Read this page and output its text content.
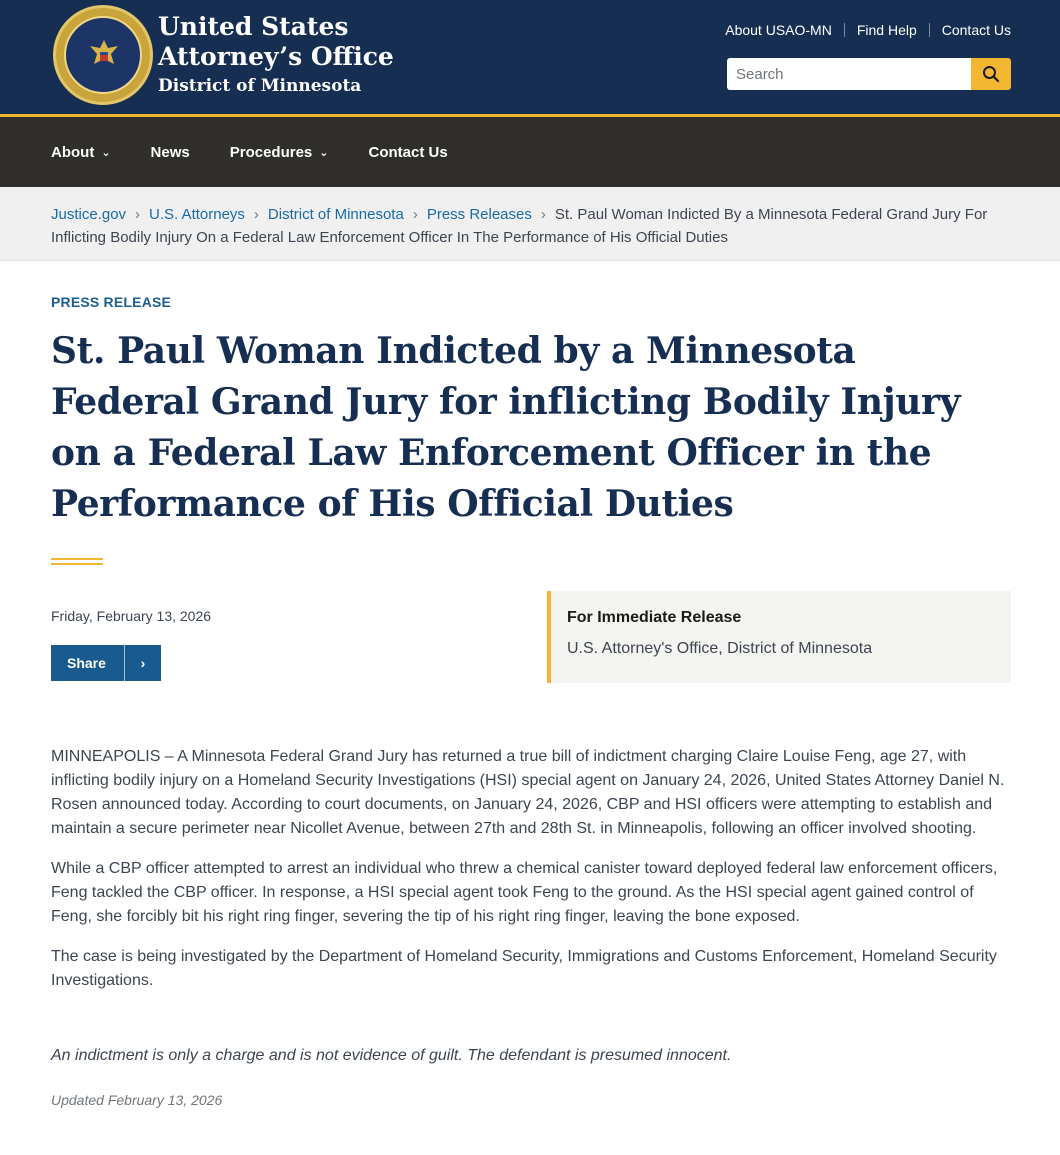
United States
Attorney’s Office
District of Minnesota
About USAO-MN Find Help Contact Us
Search
About ⌄	News	Procedures ⌄	Contact Us
Justice.gov › U.S. Attorneys › District of Minnesota › Press Releases › St. Paul Woman Indicted By a Minnesota Federal Grand Jury For Inflicting Bodily Injury On a Federal Law Enforcement Officer In The Performance of His Official Duties
PRESS RELEASE
St. Paul Woman Indicted by a Minnesota Federal Grand Jury for inflicting Bodily Injury on a Federal Law Enforcement Officer in the Performance of His Official Duties
Friday, February 13, 2026
Share	›
For Immediate Release
U.S. Attorney's Office, District of Minnesota

MINNEAPOLIS – A Minnesota Federal Grand Jury has returned a true bill of indictment charging Claire Louise Feng, age 27, with inflicting bodily injury on a Homeland Security Investigations (HSI) special agent on January 24, 2026, United States Attorney Daniel N. Rosen announced today. According to court documents, on January 24, 2026, CBP and HSI officers were attempting to establish and maintain a secure perimeter near Nicollet Avenue, between 27th and 28th St. in Minneapolis, following an officer involved shooting.

While a CBP officer attempted to arrest an individual who threw a chemical canister toward deployed federal law enforcement officers, Feng tackled the CBP officer. In response, a HSI special agent took Feng to the ground. As the HSI special agent gained control of Feng, she forcibly bit his right ring finger, severing the tip of his right ring finger, leaving the bone exposed.

The case is being investigated by the Department of Homeland Security, Immigrations and Customs Enforcement, Homeland Security Investigations.

An indictment is only a charge and is not evidence of guilt. The defendant is presumed innocent.
Updated February 13, 2026
